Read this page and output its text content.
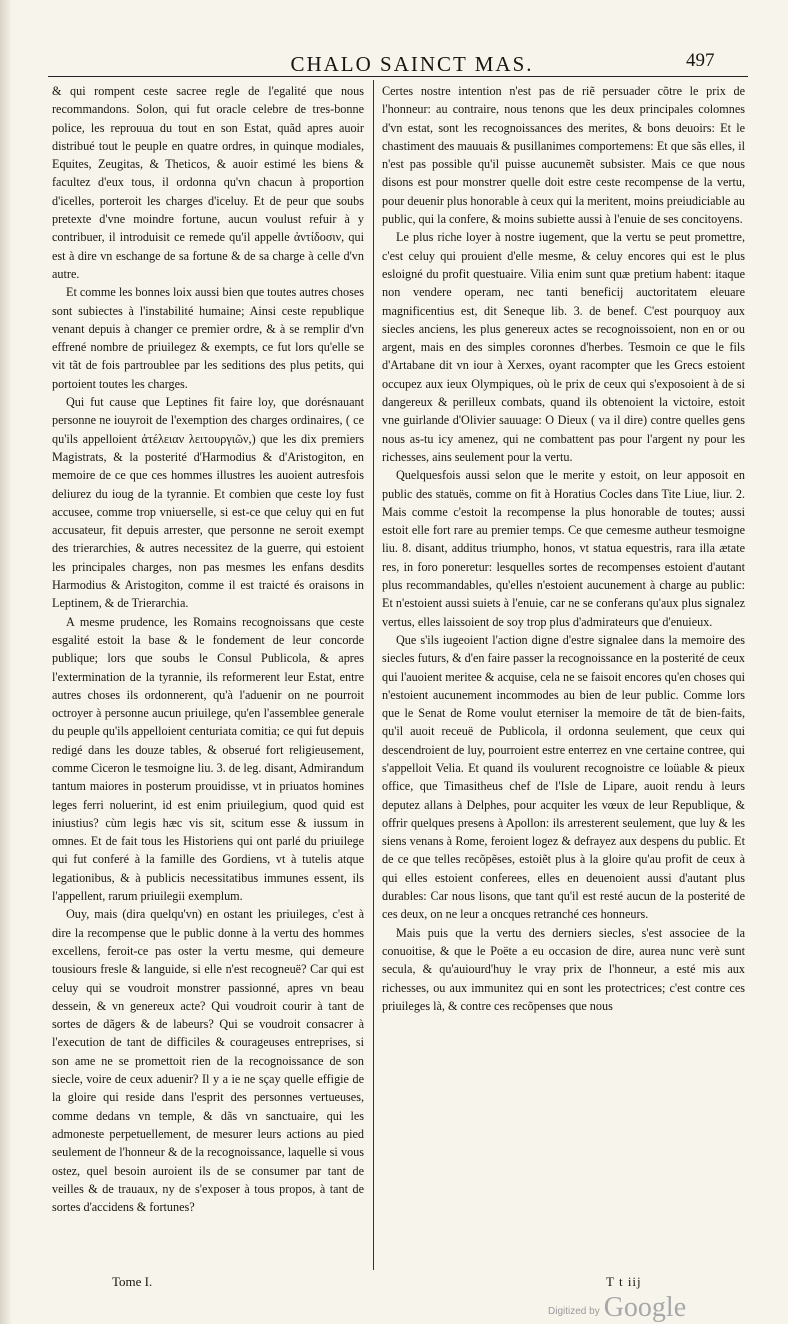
CHALO SAINCT MAS.	497

& qui rompent ceste sacree regle de l'egalité que nous recommandons. Solon, qui fut oracle celebre de tres-bonne police, les reprouua du tout en son Estat, quãd apres auoir distribué tout le peuple en quatre ordres, in quinque modiales, Equites, Zeugitas, & Theticos, & auoir estimé les biens & facultez d'eux tous, il ordonna qu'vn chacun à proportion d'icelles, porteroit les charges d'iceluy. Et de peur que soubs pretexte d'vne moindre fortune, aucun voulust refuir à y contribuer, il introduisit ce remede qu'il appelle ἀντίδοσιν, qui est à dire vn eschange de sa fortune & de sa charge à celle d'vn autre.

Et comme les bonnes loix aussi bien que toutes autres choses sont subiectes à l'instabilité humaine; Ainsi ceste republique venant depuis à changer ce premier ordre, & à se remplir d'vn effrené nombre de priuilegez & exempts, ce fut lors qu'elle se vit tãt de fois partroublee par les seditions des plus petits, qui portoient toutes les charges.

Qui fut cause que Leptines fit faire loy, que dorésnauant personne ne iouyroit de l'exemption des charges ordinaires, ( ce qu'ils appelloient ἀτέλειαν λειτουργιῶν,) que les dix premiers Magistrats, & la posterité d'Harmodius & d'Aristogiton, en memoire de ce que ces hommes illustres les auoient autresfois deliurez du ioug de la tyrannie. Et combien que ceste loy fust accusee, comme trop vniuerselle, si est-ce que celuy qui en fut accusateur, fit depuis arrester, que personne ne seroit exempt des trierarchies, & autres necessitez de la guerre, qui estoient les principales charges, non pas mesmes les enfans desdits Harmodius & Aristogiton, comme il est traicté és oraisons in Leptinem, & de Trierarchia.

A mesme prudence, les Romains recognoissans que ceste esgalité estoit la base & le fondement de leur concorde publique; lors que soubs le Consul Publicola, & apres l'extermination de la tyrannie, ils reformerent leur Estat, entre autres choses ils ordonnerent, qu'à l'aduenir on ne pourroit octroyer à personne aucun priuilege, qu'en l'assemblee generale du peuple qu'ils appelloient centuriata comitia; ce qui fut depuis redigé dans les douze tables, & obserué fort religieusement, comme Ciceron le tesmoigne liu. 3. de leg. disant, Admirandum tantum maiores in posterum prouidisse, vt in priuatos homines leges ferri noluerint, id est enim priuilegium, quod quid est iniustius? cùm legis hæc vis sit, scitum esse & iussum in omnes. Et de fait tous les Historiens qui ont parlé du priuilege qui fut conferé à la famille des Gordiens, vt à tutelis atque legationibus, & à publicis necessitatibus immunes essent, ils l'appellent, rarum priuilegii exemplum.

Ouy, mais (dira quelqu'vn) en ostant les priuileges, c'est à dire la recompense que le public donne à la vertu des hommes excellens, feroit-ce pas oster la vertu mesme, qui demeure tousiours fresle & languide, si elle n'est recogneuë? Car qui est celuy qui se voudroit monstrer passionné, apres vn beau dessein, & vn genereux acte? Qui voudroit courir à tant de sortes de dãgers & de labeurs? Qui se voudroit consacrer à l'execution de tant de difficiles & courageuses entreprises, si son ame ne se promettoit rien de la recognoissance de son siecle, voire de ceux aduenir? Il y a ie ne sçay quelle effigie de la gloire qui reside dans l'esprit des personnes vertueuses, comme dedans vn temple, & dãs vn sanctuaire, qui les admoneste perpetuellement, de mesurer leurs actions au pied seulement de l'honneur & de la recognoissance, laquelle si vous ostez, quel besoin auroient ils de se consumer par tant de veilles & de trauaux, ny de s'exposer à tous propos, à tant de sortes d'accidens & fortunes?

Certes nostre intention n'est pas de riẽ persuader cõtre le prix de l'honneur: au contraire, nous tenons que les deux principales colomnes d'vn estat, sont les recognoissances des merites, & bons deuoirs: Et le chastiment des mauuais & pusillanimes comportemens: Et que sãs elles, il n'est pas possible qu'il puisse aucunemẽt subsister. Mais ce que nous disons est pour monstrer quelle doit estre ceste recompense de la vertu, pour deuenir plus honorable à ceux qui la meritent, moins preiudiciable au public, qui la confere, & moins subiette aussi à l'enuie de ses concitoyens.

Le plus riche loyer à nostre iugement, que la vertu se peut promettre, c'est celuy qui prouient d'elle mesme, & celuy encores qui est le plus esloigné du profit questuaire. Vilia enim sunt quæ pretium habent: itaque non vendere operam, nec tanti beneficij auctoritatem eleuare magnificentius est, dit Seneque lib. 3. de benef. C'est pourquoy aux siecles anciens, les plus genereux actes se recognoissoient, non en or ou argent, mais en des simples coronnes d'herbes. Tesmoin ce que le fils d'Artabane dit vn iour à Xerxes, oyant racompter que les Grecs estoient occupez aux ieux Olympiques, où le prix de ceux qui s'exposoient à de si dangereux & perilleux combats, quand ils obtenoient la victoire, estoit vne guirlande d'Olivier sauuage: O Dieux ( va il dire) contre quelles gens nous as-tu icy amenez, qui ne combattent pas pour l'argent ny pour les richesses, ains seulement pour la vertu.

Quelquesfois aussi selon que le merite y estoit, on leur apposoit en public des statuës, comme on fit à Horatius Cocles dans Tite Liue, liur. 2. Mais comme c'estoit la recompense la plus honorable de toutes; aussi estoit elle fort rare au premier temps. Ce que cemesme autheur tesmoigne liu. 8. disant, additus triumpho, honos, vt statua equestris, rara illa ætate res, in foro poneretur: lesquelles sortes de recompenses estoient d'autant plus recommandables, qu'elles n'estoient aucunement à charge au public: Et n'estoient aussi suiets à l'enuie, car ne se conferans qu'aux plus signalez vertus, elles laissoient de soy trop plus d'admirateurs que d'enuieux.

Que s'ils iugeoient l'action digne d'estre signalee dans la memoire des siecles futurs, & d'en faire passer la recognoissance en la posterité de ceux qui l'auoient meritee & acquise, cela ne se faisoit encores qu'en choses qui n'estoient aucunement incommodes au bien de leur public. Comme lors que le Senat de Rome voulut eterniser la memoire de tãt de bien-faits, qu'il auoit receuë de Publicola, il ordonna seulement, que ceux qui descendroient de luy, pourroient estre enterrez en vne certaine contree, qui s'appelloit Velia. Et quand ils voulurent recognoistre ce loüable & pieux office, que Timasitheus chef de l'Isle de Lipare, auoit rendu à leurs deputez allans à Delphes, pour acquiter les vœux de leur Republique, & offrir quelques presens à Apollon: ils arresterent seulement, que luy & les siens venans à Rome, feroient logez & defrayez aux despens du public. Et de ce que telles recõpẽses, estoiẽt plus à la gloire qu'au profit de ceux à qui elles estoient conferees, elles en deuenoient aussi d'autant plus durables: Car nous lisons, que tant qu'il est resté aucun de la posterité de ces deux, on ne leur a oncques retranché ces honneurs.

Mais puis que la vertu des derniers siecles, s'est associee de la conuoitise, & que le Poëte a eu occasion de dire, aurea nunc verè sunt secula, & qu'auiourd'huy le vray prix de l'honneur, a esté mis aux richesses, ou aux immunitez qui en sont les protectrices; c'est contre ces priuileges là, & contre ces recõpenses que nous

Tome I.	T t iij
Digitized by Google
